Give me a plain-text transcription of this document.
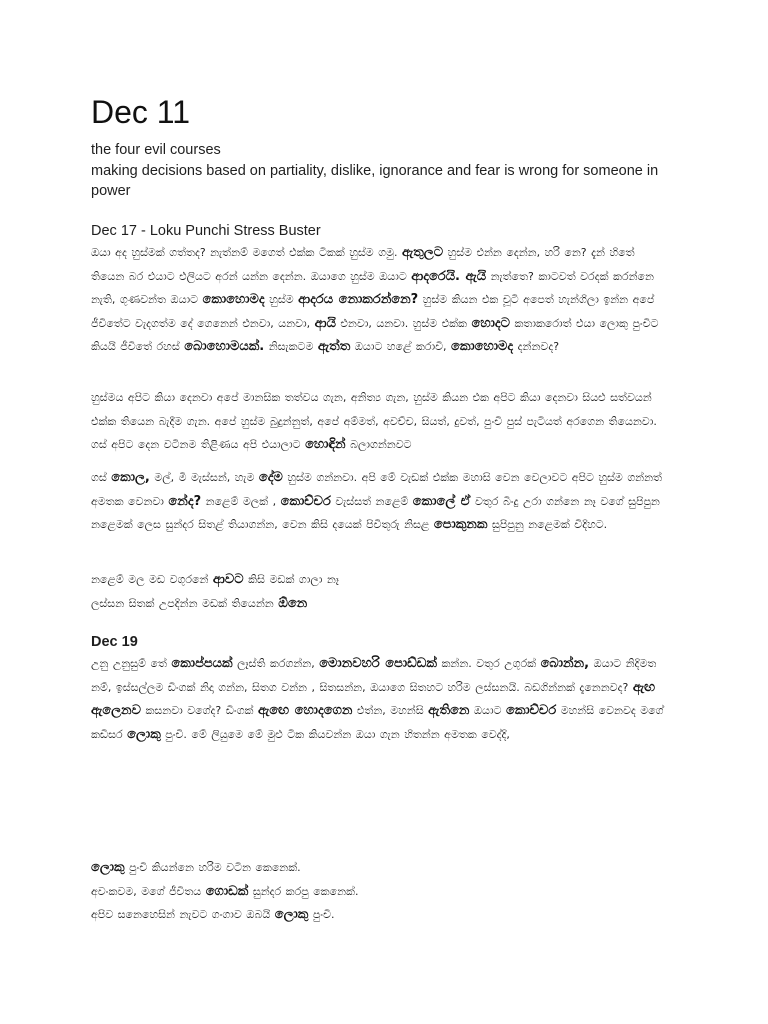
Dec 11

the four evil courses

making decisions based on partiality, dislike, ignorance and fear is wrong for someone in power

Dec 17 - Loku Punchi Stress Buster

ඔයා අද හුස්මක් ගත්තද? නැත්නම් මගෙත් එක්ක ටිකක් හුස්ම ගමු. ඇතුලට හුස්ම එන්න දෙන්න, හරි නෙ? දැන් හිතේ තියෙන බර එයාට එලියට අරන් යන්න දෙන්න. ඔයාගෙ හුස්ම ඔයාට ආදරෙයි. ඇයි නැත්තෙ? කාටවත් වරදක් කරන්නෙ නැති, ගුණවන්ත ඔයාට කොහොමද හුස්ම ආදරය නොකරන්නෙ? හුස්ම කියන එක චූටි අපෙත් හැන්ගිලා ඉන්න අපේ ජීවිතේට වැදගත්ම දේ ගෙනෙන් එනවා, යනවා, ආයි එනවා, යනවා. හුස්ම එක්ක හොදට කතාකරොත් එයා ලොකු පුංචිට කියයි ජීවිතේ රහස් බොහොමයක්. නිසැකටම ඇත්ත ඔයාට හළේ කරාවි, කොහොමද දන්නවද?

හුස්මය අපිට කියා දෙනවා අපේ මානසික තත්වය ගැන, අනිත්‍ය ගැන, හුස්ම කියන එක අපිට කියා දෙනවා සියළු සත්වයන් එක්ක තියෙන බැදීම ගැන. අපේ හුස්ම බුදුන්නුත්, අපේ අම්මත්, අවච්ච, සියත්, දුවත්, පුංචි පුස් පැටියත් අරගෙන තියෙනවා. ගස් අපිට දෙන වටිනම තිළිණය අපි එයාලාට හොඳින් බලාගන්නවට

ගස් කොල, මල්, මී මැස්සන්, හැම දේම හුස්ම ගන්නවා. අපි මේ වැඩක් එක්ක මහාසි වෙන වෙලාවට අපිට හුස්ම ගන්නත් අමතක වෙනවා නේද? නළෙම් මලක් , කොච්චර වැස්සත් නළෙම් කොලේ ඒ වතුර බිංදු උරා ගන්නෙ නෑ වගේ සුපිපුන නළෙමක් ලෙස සුන්දර සිතළ් තියාගන්න, වෙන කිසි දයෙක් පිවිතුරු නිසළ පොකුනක සුපිපුනු නළෙමක් විදිහට.

නළෙම් මල මඩ වගුරනේ ආවට කිසි මඩක් ගාලා නෑ

ලස්සන සිතක් උපදින්න මඩක් තියෙන්න ඕනෙ

Dec 19

උනු උනුසුම් තේ කොප්පයක් ලෑස්ති කරගන්න, මොනවහරි පොඩ්ඩක් කන්න. වතුර උගුරක් බොන්න, ඔයාට නිදිමත නම්, ඉස්සල්ලම ඩිංගක් නිදා ගන්න, සිතග වන්න , සිතසන්න, ඔයාගෙ සිතහට හරිම ලස්සනයි. බඩගින්නක් දැනෙනවද? ඇඟ ඇලෙනව කසනවා වගේද? ඩිංගක් ඇඟෙ හොදගෙන එත්න, මහන්සි ඇතිනෙ ඔයාට කොච්චර මහන්සි වෙනවද මගේ කඩිසර ලොකු පුංචි. මේ ලියුමෙ මේ මුළු ටික කියවන්න ඔයා ගැන හිතන්න අමතක වෙද්දි,

ලොකු පුංචි කියන්නෙ හරිම වටින කෙනෙක්.

අවංකවම, මගේ ජීවිතය ගොඩක් සුන්දර කරපු කෙනෙක්.

අපිව සනෙහෙසින් නැවට ගංගාව ඔබයි ලොකු පුංචි.
